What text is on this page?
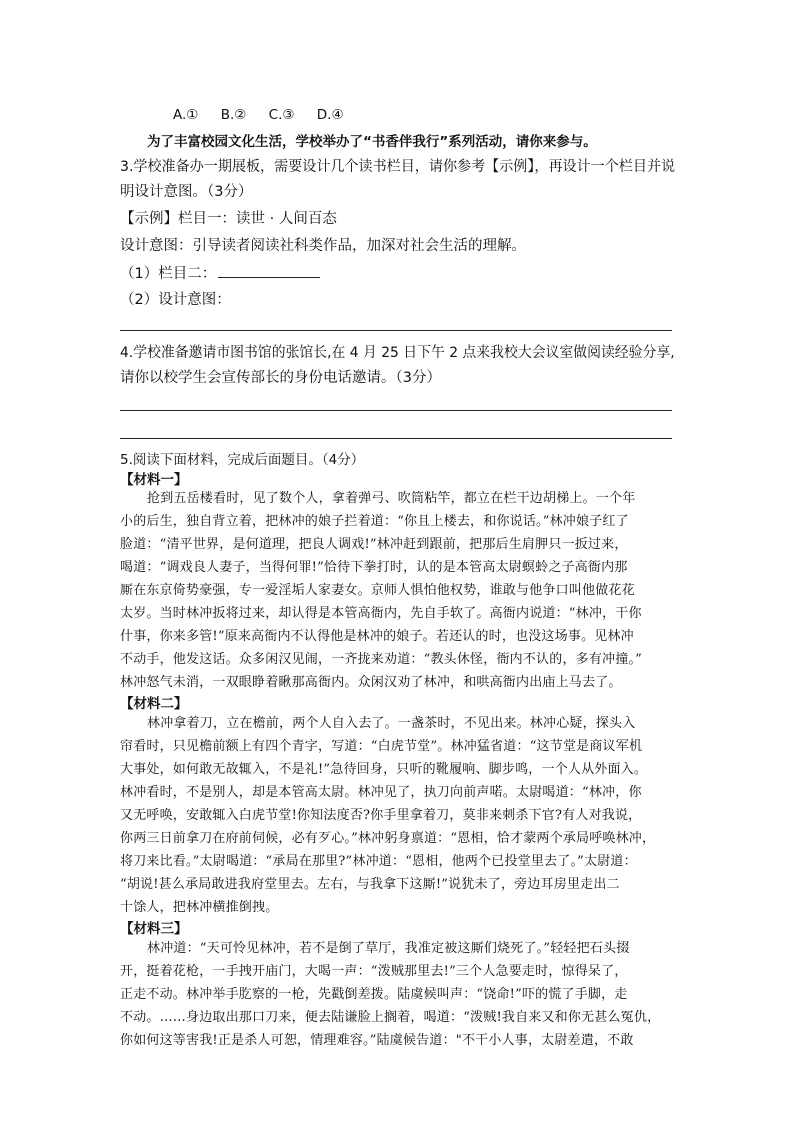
A.① B.② C.③ D.④
为了丰富校园文化生活，学校举办了“书香伴我行”系列活动，请你来参与。
3.学校准备办一期展板，需要设计几个读书栏目，请你参考【示例】，再设计一个栏目并说
明设计意图。（3分）
【示例】栏目一：读世 · 人间百态
设计意图：引导读者阅读社科类作品，加深对社会生活的理解。
（1）栏目二：
（2）设计意图：
4.学校准备邀请市图书馆的张馆长,在 4 月 25 日下午 2 点来我校大会议室做阅读经验分享,
请你以校学生会宣传部长的身份电话邀请。（3分）
5.阅读下面材料，完成后面题目。（4分）
【材料一】
抢到五岳楼看时，见了数个人，拿着弹弓、吹筒粘竿，都立在栏干边胡梯上。一个年
小的后生，独自背立着，把林冲的娘子拦着道：“你且上楼去，和你说话。”林冲娘子红了
脸道：“清平世界，是何道理，把良人调戏!”林冲赶到跟前，把那后生肩胛只一扳过来，
喝道：“调戏良人妻子，当得何罪!”恰待下拳打时，认的是本管高太尉螟蛉之子高衙内那
厮在东京倚势豪强，专一爱淫垢人家妻女。京师人惧怕他权势，谁敢与他争口叫他做花花
太岁。当时林冲扳将过来，却认得是本管高衙内，先自手软了。高衙内说道：“林冲，干你
什事，你来多管!”原来高衙内不认得他是林冲的娘子。若还认的时，也没这场事。见林冲
不动手，他发这话。众多闲汉见闹，一齐拢来劝道：“教头休怪，衙内不认的，多有冲撞。”
林冲怒气未消，一双眼睁着瞅那高衙内。众闲汉劝了林冲，和哄高衙内出庙上马去了。
【材料二】
林冲拿着刀，立在檐前，两个人自入去了。一盏茶时，不见出来。林冲心疑，探头入
帘看时，只见檐前额上有四个青字，写道：“白虎节堂”。林冲猛省道：“这节堂是商议军机
大事处，如何敢无故辄入，不是礼!”急待回身，只听的靴履响、脚步鸣，一个人从外面入。
林冲看时，不是别人，却是本管高太尉。林冲见了，执刀向前声喏。太尉喝道：“林冲，你
又无呼唤，安敢辄入白虎节堂!你知法度否?你手里拿着刀，莫非来刺杀下官?有人对我说，
你两三日前拿刀在府前伺候，必有歹心。”林冲躬身禀道：“恩相，恰才蒙两个承局呼唤林冲，
将刀来比看。”太尉喝道：“承局在那里?”林冲道：“恩相，他两个已投堂里去了。”太尉道：
“胡说!甚么承局敢进我府堂里去。左右，与我拿下这厮!”说犹未了，旁边耳房里走出二
十馀人，把林冲横推倒拽。
【材料三】
林冲道：“天可怜见林冲，若不是倒了草厅，我准定被这厮们烧死了。”轻轻把石头掇
开，挺着花枪，一手拽开庙门，大喝一声：“泼贼那里去!”三个人急要走时，惊得呆了，
正走不动。林冲举手肐察的一枪，先戳倒差拨。陆虞候叫声：“饶命!”吓的慌了手脚，走
不动。……身边取出那口刀来，便去陆谦脸上搁着，喝道：“泼贼!我自来又和你无甚么冤仇，
你如何这等害我!正是杀人可恕，情理难容。”陆虞候告道："不干小人事，太尉差遣，不敢
